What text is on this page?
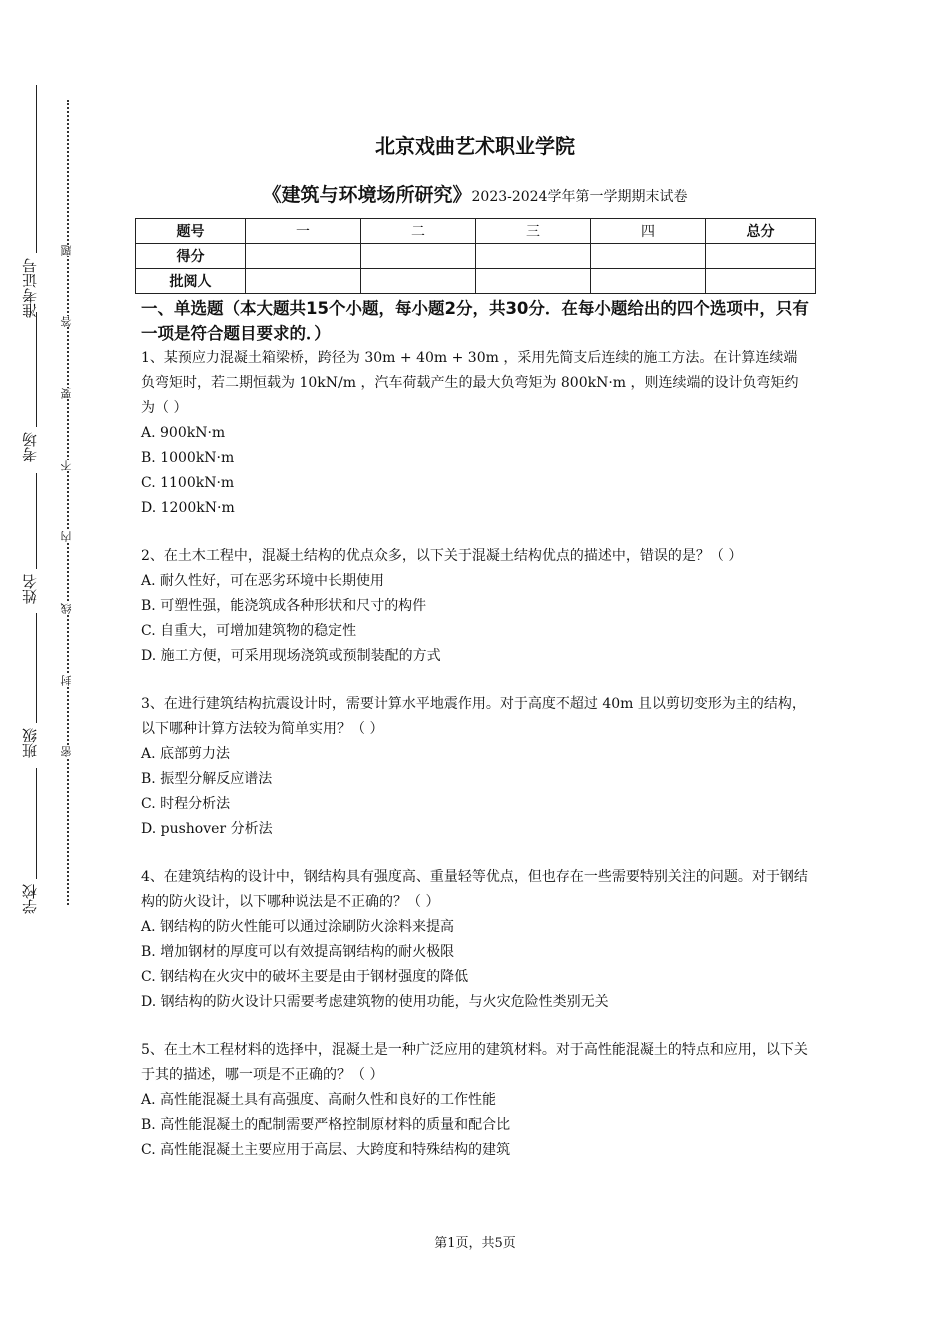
准考证号
考场
姓名
班级
学校
题
答
要
不
内
线
封
密
北京戏曲艺术职业学院
《建筑与环境场所研究》2023-2024学年第一学期期末试卷
题号	一	二	三	四	总分
得分					
批阅人					
一、单选题（本大题共15个小题，每小题2分，共30分．在每小题给出的四个选项中，只有一项是符合题目要求的．）

1、某预应力混凝土箱梁桥，跨径为 30m + 40m + 30m ，采用先简支后连续的施工方法。在计算连续端负弯矩时，若二期恒载为 10kN/m ，汽车荷载产生的最大负弯矩为 800kN·m ，则连续端的设计负弯矩约为（ ）

A. 900kN·m

B. 1000kN·m

C. 1100kN·m

D. 1200kN·m

2、在土木工程中，混凝土结构的优点众多，以下关于混凝土结构优点的描述中，错误的是？（ ）

A. 耐久性好，可在恶劣环境中长期使用

B. 可塑性强，能浇筑成各种形状和尺寸的构件

C. 自重大，可增加建筑物的稳定性

D. 施工方便，可采用现场浇筑或预制装配的方式

3、在进行建筑结构抗震设计时，需要计算水平地震作用。对于高度不超过 40m 且以剪切变形为主的结构，以下哪种计算方法较为简单实用？（ ）

A. 底部剪力法

B. 振型分解反应谱法

C. 时程分析法

D. pushover 分析法

4、在建筑结构的设计中，钢结构具有强度高、重量轻等优点，但也存在一些需要特别关注的问题。对于钢结构的防火设计，以下哪种说法是不正确的？（ ）

A. 钢结构的防火性能可以通过涂刷防火涂料来提高

B. 增加钢材的厚度可以有效提高钢结构的耐火极限

C. 钢结构在火灾中的破坏主要是由于钢材强度的降低

D. 钢结构的防火设计只需要考虑建筑物的使用功能，与火灾危险性类别无关

5、在土木工程材料的选择中，混凝土是一种广泛应用的建筑材料。对于高性能混凝土的特点和应用，以下关于其的描述，哪一项是不正确的？（ ）

A. 高性能混凝土具有高强度、高耐久性和良好的工作性能

B. 高性能混凝土的配制需要严格控制原材料的质量和配合比

C. 高性能混凝土主要应用于高层、大跨度和特殊结构的建筑

第1页，共5页
